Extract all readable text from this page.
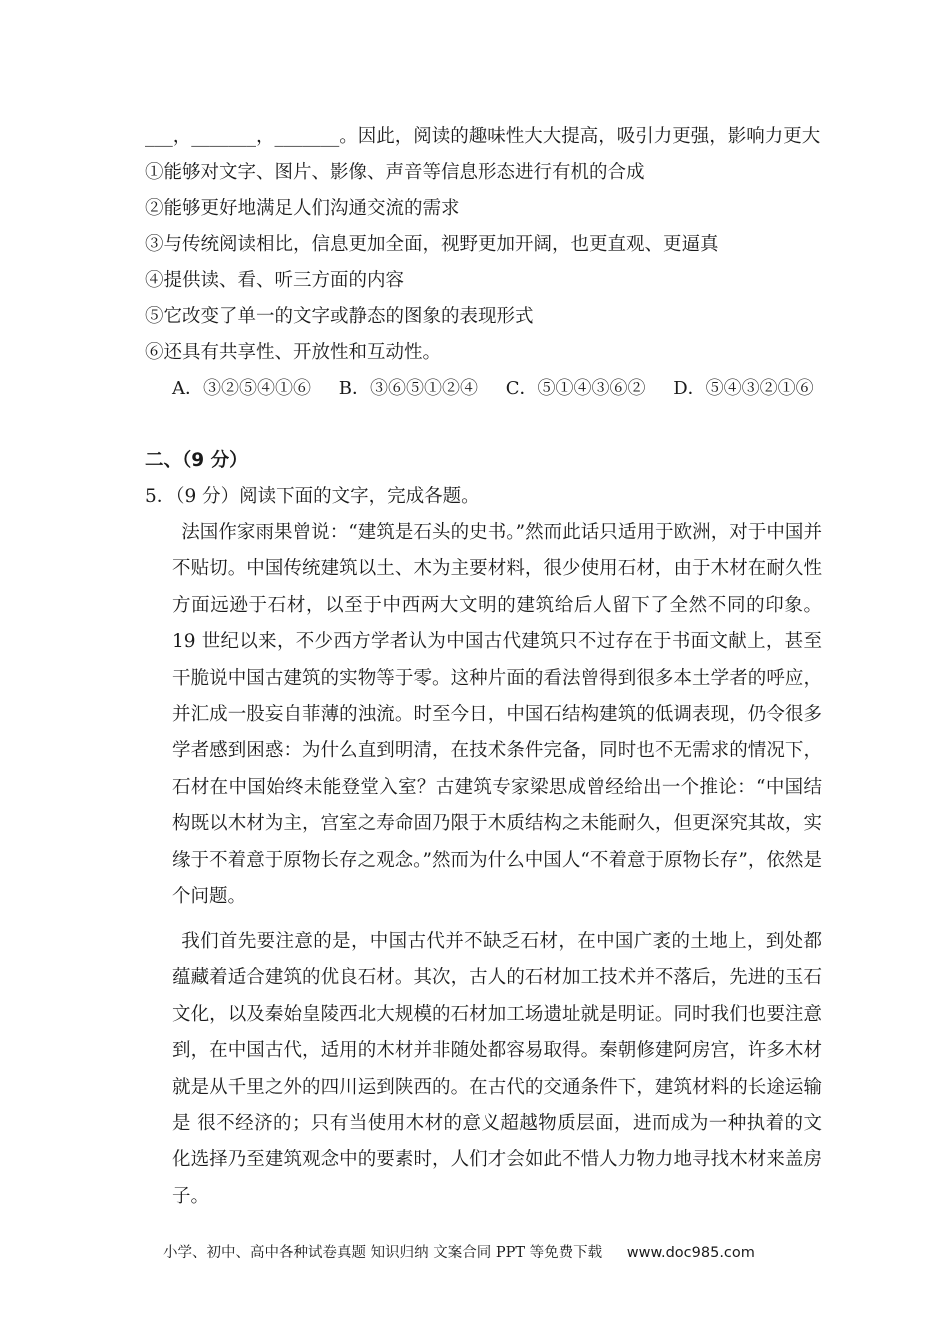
___，_______，_______。因此，阅读的趣味性大大提高，吸引力更强，影响力更大
①能够对文字、图片、影像、声音等信息形态进行有机的合成
②能够更好地满足人们沟通交流的需求
③与传统阅读相比，信息更加全面，视野更加开阔，也更直观、更逼真
④提供读、看、听三方面的内容
⑤它改变了单一的文字或静态的图象的表现形式
⑥还具有共享性、开放性和互动性。
A．③②⑤④①⑥ B．③⑥⑤①②④ C．⑤①④③⑥② D．⑤④③②①⑥
二、（9 分）
5．（9 分）阅读下面的文字，完成各题。

法国作家雨果曾说：“建筑是石头的史书。”然而此话只适用于欧洲，对于中国并不贴切。中国传统建筑以土、木为主要材料，很少使用石材，由于木材在耐久性方面远逊于石材，以至于中西两大文明的建筑给后人留下了全然不同的印象。19 世纪以来，不少西方学者认为中国古代建筑只不过存在于书面文献上，甚至干脆说中国古建筑的实物等于零。这种片面的看法曾得到很多本土学者的呼应，并汇成一股妄自菲薄的浊流。时至今日，中国石结构建筑的低调表现，仍令很多学者感到困惑：为什么直到明清，在技术条件完备，同时也不无需求的情况下，石材在中国始终未能登堂入室？古建筑专家梁思成曾经给出一个推论：“中国结构既以木材为主，宫室之寿命固乃限于木质结构之未能耐久，但更深究其故，实缘于不着意于原物长存之观念。”然而为什么中国人“不着意于原物长存”，依然是个问题。

我们首先要注意的是，中国古代并不缺乏石材，在中国广袤的土地上，到处都蕴藏着适合建筑的优良石材。其次，古人的石材加工技术并不落后，先进的玉石文化，以及秦始皇陵西北大规模的石材加工场遗址就是明证。同时我们也要注意到，在中国古代，适用的木材并非随处都容易取得。秦朝修建阿房宫，许多木材就是从千里之外的四川运到陕西的。在古代的交通条件下，建筑材料的长途运输是 很不经济的；只有当使用木材的意义超越物质层面，进而成为一种执着的文化选择乃至建筑观念中的要素时，人们才会如此不惜人力物力地寻找木材来盖房子。

小学、初中、高中各种试卷真题 知识归纳 文案合同 PPT 等免费下载 www.doc985.com
